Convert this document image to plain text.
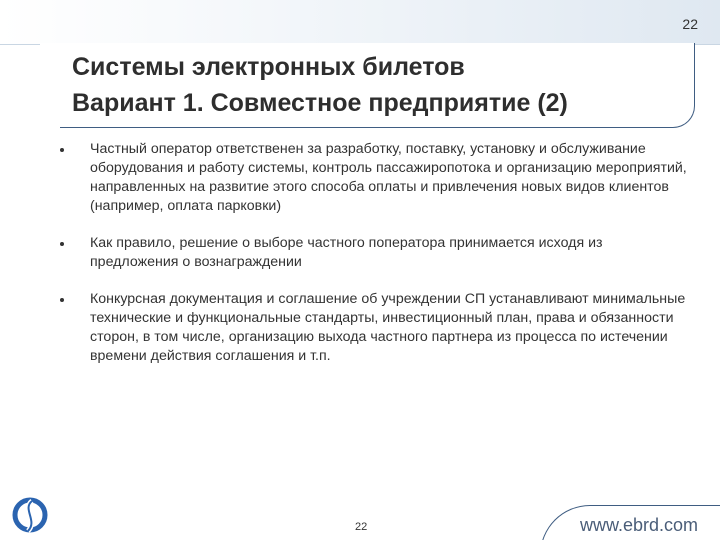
22
Системы электронных билетов
Вариант 1. Совместное предприятие (2)
Частный оператор ответственен за разработку, поставку, установку и обслуживание оборудования и работу системы, контроль пассажиропотока и организацию мероприятий, направленных на развитие этого способа оплаты и привлечения новых видов клиентов (например, оплата парковки)
Как правило, решение о выборе частного попeратора принимается исходя из предложения о вознаграждении
Конкурсная документация и соглашение об учреждении СП устанавливают минимальные технические и функциональные стандарты, инвестиционный план, права и обязанности сторон, в том числе, организацию выхода частного партнера из процесса по истечении времени действия соглашения и т.п.
22	www.ebrd.com
